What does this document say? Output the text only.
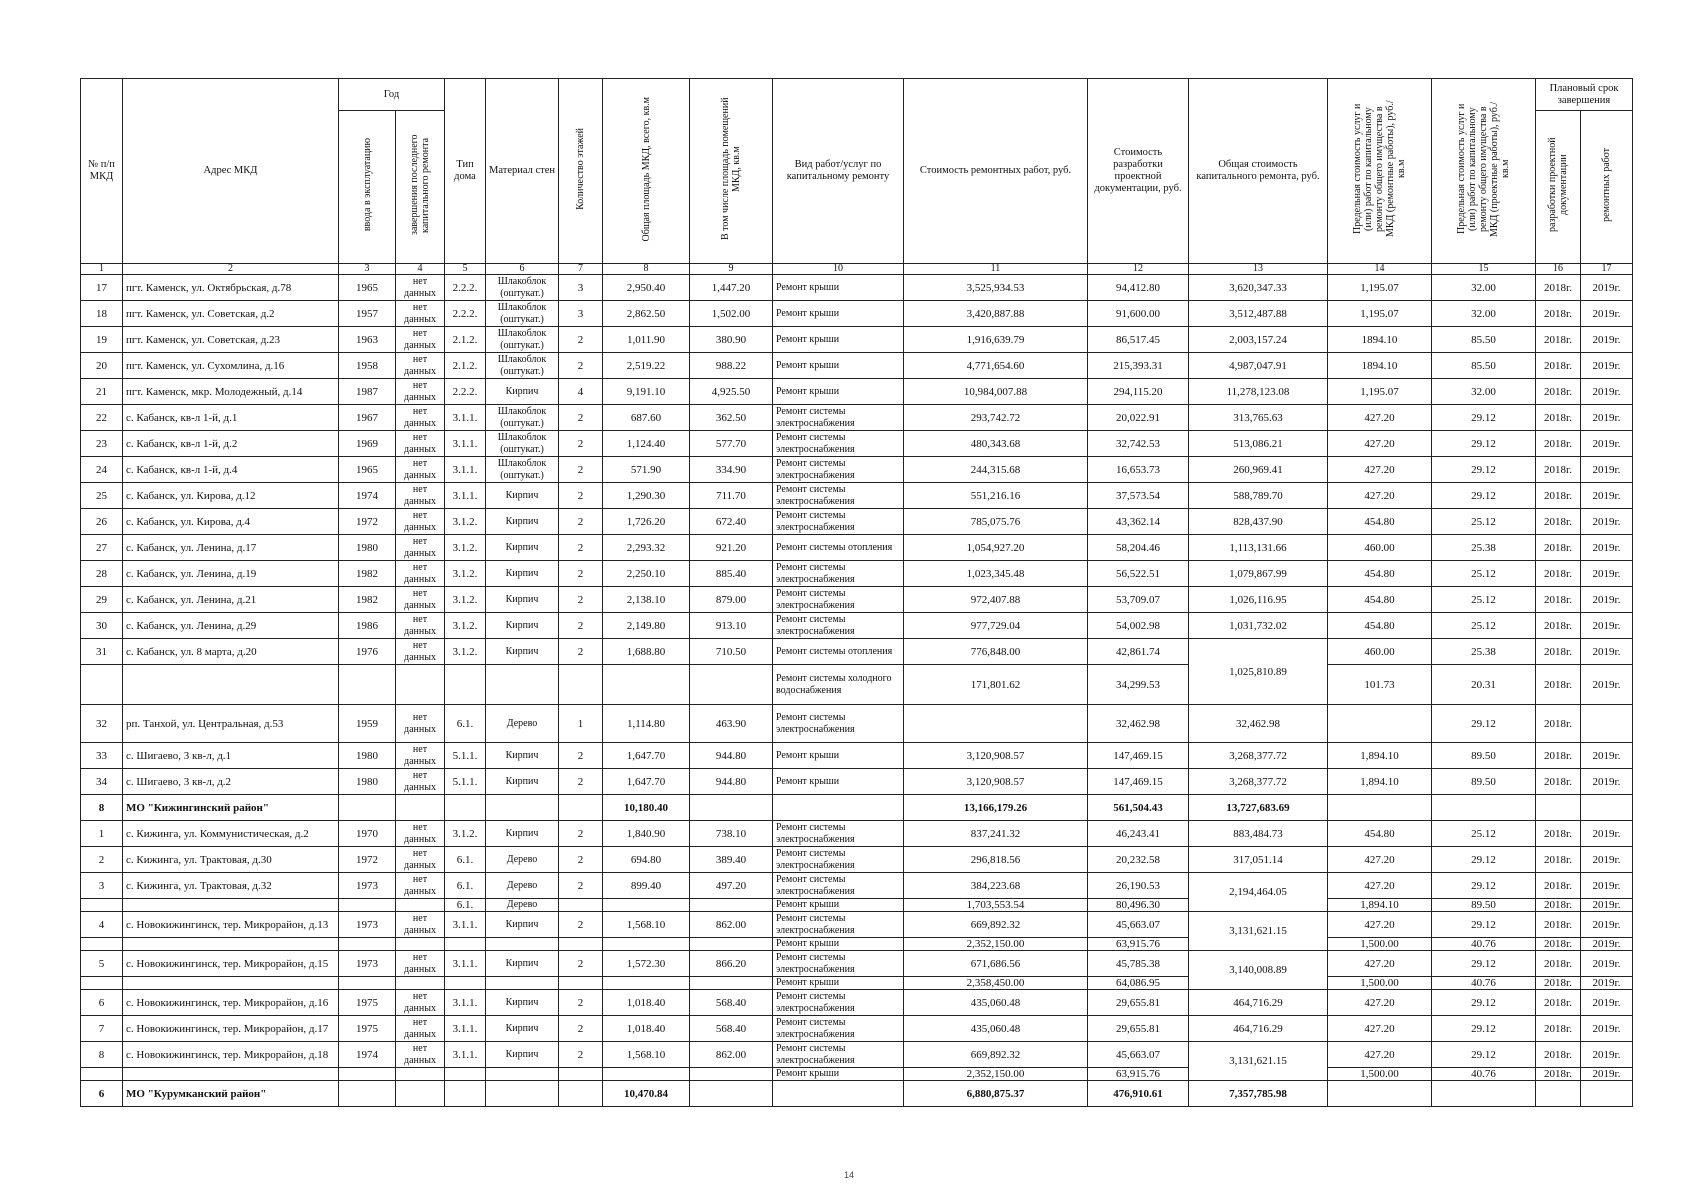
№ п/п МКД	Адрес МКД	Год		Тип дома	Материал стен	Количество этажей	Общая площадь МКД, всего, кв.м	В том числе площадь помещений МКД, кв.м	Вид работ/услуг по капитальному ремонту	Стоимость ремонтных работ, руб.	Стоимость разработки проектной документации, руб.	Общая стоимость капитального ремонта, руб.	Предельная стоимость услуг и (или) работ по капитальному ремонту общего имущества в МКД (ремонтные работы), руб./кв.м	Предельная стоимость услуг и (или) работ по капитальному ремонту общего имущества в МКД (проектные работы), руб./кв.м	Плановый срок завершения	
		ввода в эксплуатацию	завершения последнего капитального ремонта												разработки проектной документации	ремонтных работ
1	2	3	4	5	6	7	8	9	10	11	12	13	14	15	16	17
17	пгт. Каменск, ул. Октябрьская, д.78	1965	нет данных	2.2.2.	Шлакоблок (оштукат.)	3	2,950.40	1,447.20	Ремонт крыши	3,525,934.53	94,412.80	3,620,347.33	1,195.07	32.00	2018г.	2019г.
18	пгт. Каменск, ул. Советская, д.2	1957	нет данных	2.2.2.	Шлакоблок (оштукат.)	3	2,862.50	1,502.00	Ремонт крыши	3,420,887.88	91,600.00	3,512,487.88	1,195.07	32.00	2018г.	2019г.
19	пгт. Каменск, ул. Советская, д.23	1963	нет данных	2.1.2.	Шлакоблок (оштукат.)	2	1,011.90	380.90	Ремонт крыши	1,916,639.79	86,517.45	2,003,157.24	1894.10	85.50	2018г.	2019г.
20	пгт. Каменск, ул. Сухомлина, д.16	1958	нет данных	2.1.2.	Шлакоблок (оштукат.)	2	2,519.22	988.22	Ремонт крыши	4,771,654.60	215,393.31	4,987,047.91	1894.10	85.50	2018г.	2019г.
21	пгт. Каменск, мкр. Молодежный, д.14	1987	нет данных	2.2.2.	Кирпич	4	9,191.10	4,925.50	Ремонт крыши	10,984,007.88	294,115.20	11,278,123.08	1,195.07	32.00	2018г.	2019г.
22	с. Кабанск, кв-л 1-й, д.1	1967	нет данных	3.1.1.	Шлакоблок (оштукат.)	2	687.60	362.50	Ремонт системы электроснабжения	293,742.72	20,022.91	313,765.63	427.20	29.12	2018г.	2019г.
23	с. Кабанск, кв-л 1-й, д.2	1969	нет данных	3.1.1.	Шлакоблок (оштукат.)	2	1,124.40	577.70	Ремонт системы электроснабжения	480,343.68	32,742.53	513,086.21	427.20	29.12	2018г.	2019г.
24	с. Кабанск, кв-л 1-й, д.4	1965	нет данных	3.1.1.	Шлакоблок (оштукат.)	2	571.90	334.90	Ремонт системы электроснабжения	244,315.68	16,653.73	260,969.41	427.20	29.12	2018г.	2019г.
25	с. Кабанск, ул. Кирова, д.12	1974	нет данных	3.1.1.	Кирпич	2	1,290.30	711.70	Ремонт системы электроснабжения	551,216.16	37,573.54	588,789.70	427.20	29.12	2018г.	2019г.
26	с. Кабанск, ул. Кирова, д.4	1972	нет данных	3.1.2.	Кирпич	2	1,726.20	672.40	Ремонт системы электроснабжения	785,075.76	43,362.14	828,437.90	454.80	25.12	2018г.	2019г.
27	с. Кабанск, ул. Ленина, д.17	1980	нет данных	3.1.2.	Кирпич	2	2,293.32	921.20	Ремонт системы отопления	1,054,927.20	58,204.46	1,113,131.66	460.00	25.38	2018г.	2019г.
28	с. Кабанск, ул. Ленина, д.19	1982	нет данных	3.1.2.	Кирпич	2	2,250.10	885.40	Ремонт системы электроснабжения	1,023,345.48	56,522.51	1,079,867.99	454.80	25.12	2018г.	2019г.
29	с. Кабанск, ул. Ленина, д.21	1982	нет данных	3.1.2.	Кирпич	2	2,138.10	879.00	Ремонт системы электроснабжения	972,407.88	53,709.07	1,026,116.95	454.80	25.12	2018г.	2019г.
30	с. Кабанск, ул. Ленина, д.29	1986	нет данных	3.1.2.	Кирпич	2	2,149.80	913.10	Ремонт системы электроснабжения	977,729.04	54,002.98	1,031,732.02	454.80	25.12	2018г.	2019г.
31	с. Кабанск, ул. 8 марта, д.20	1976	нет данных	3.1.2.	Кирпич	2	1,688.80	710.50	Ремонт системы отопления	776,848.00	42,861.74	1,025,810.89	460.00	25.38	2018г.	2019г.
									Ремонт системы холодного водоснабжения	171,801.62	34,299.53		101.73	20.31	2018г.	2019г.
32	рп. Танхой, ул. Центральная, д.53	1959	нет данных	6.1.	Дерево	1	1,114.80	463.90	Ремонт системы электроснабжения		32,462.98	32,462.98		29.12	2018г.	
33	с. Шигаево, 3 кв-л, д.1	1980	нет данных	5.1.1.	Кирпич	2	1,647.70	944.80	Ремонт крыши	3,120,908.57	147,469.15	3,268,377.72	1,894.10	89.50	2018г.	2019г.
34	с. Шигаево, 3 кв-л, д.2	1980	нет данных	5.1.1.	Кирпич	2	1,647.70	944.80	Ремонт крыши	3,120,908.57	147,469.15	3,268,377.72	1,894.10	89.50	2018г.	2019г.
8	МО "Кижингинский район"						10,180.40			13,166,179.26	561,504.43	13,727,683.69				
1	с. Кижинга, ул. Коммунистическая, д.2	1970	нет данных	3.1.2.	Кирпич	2	1,840.90	738.10	Ремонт системы электроснабжения	837,241.32	46,243.41	883,484.73	454.80	25.12	2018г.	2019г.
2	с. Кижинга, ул. Трактовая, д.30	1972	нет данных	6.1.	Дерево	2	694.80	389.40	Ремонт системы электроснабжения	296,818.56	20,232.58	317,051.14	427.20	29.12	2018г.	2019г.
3	с. Кижинга, ул. Трактовая, д.32	1973	нет данных	6.1.	Дерево	2	899.40	497.20	Ремонт системы электроснабжения	384,223.68	26,190.53	2,194,464.05	427.20	29.12	2018г.	2019г.
				6.1.	Дерево				Ремонт крыши	1,703,553.54	80,496.30		1,894.10	89.50	2018г.	2019г.
4	с. Новокижингинск, тер. Микрорайон, д.13	1973	нет данных	3.1.1.	Кирпич	2	1,568.10	862.00	Ремонт системы электроснабжения	669,892.32	45,663.07	3,131,621.15	427.20	29.12	2018г.	2019г.
									Ремонт крыши	2,352,150.00	63,915.76		1,500.00	40.76	2018г.	2019г.
5	с. Новокижингинск, тер. Микрорайон, д.15	1973	нет данных	3.1.1.	Кирпич	2	1,572.30	866.20	Ремонт системы электроснабжения	671,686.56	45,785.38	3,140,008.89	427.20	29.12	2018г.	2019г.
									Ремонт крыши	2,358,450.00	64,086.95		1,500.00	40.76	2018г.	2019г.
6	с. Новокижингинск, тер. Микрорайон, д.16	1975	нет данных	3.1.1.	Кирпич	2	1,018.40	568.40	Ремонт системы электроснабжения	435,060.48	29,655.81	464,716.29	427.20	29.12	2018г.	2019г.
7	с. Новокижингинск, тер. Микрорайон, д.17	1975	нет данных	3.1.1.	Кирпич	2	1,018.40	568.40	Ремонт системы электроснабжения	435,060.48	29,655.81	464,716.29	427.20	29.12	2018г.	2019г.
8	с. Новокижингинск, тер. Микрорайон, д.18	1974	нет данных	3.1.1.	Кирпич	2	1,568.10	862.00	Ремонт системы электроснабжения	669,892.32	45,663.07	3,131,621.15	427.20	29.12	2018г.	2019г.
									Ремонт крыши	2,352,150.00	63,915.76		1,500.00	40.76	2018г.	2019г.
6	МО "Курумканский район"						10,470.84			6,880,875.37	476,910.61	7,357,785.98				
14
